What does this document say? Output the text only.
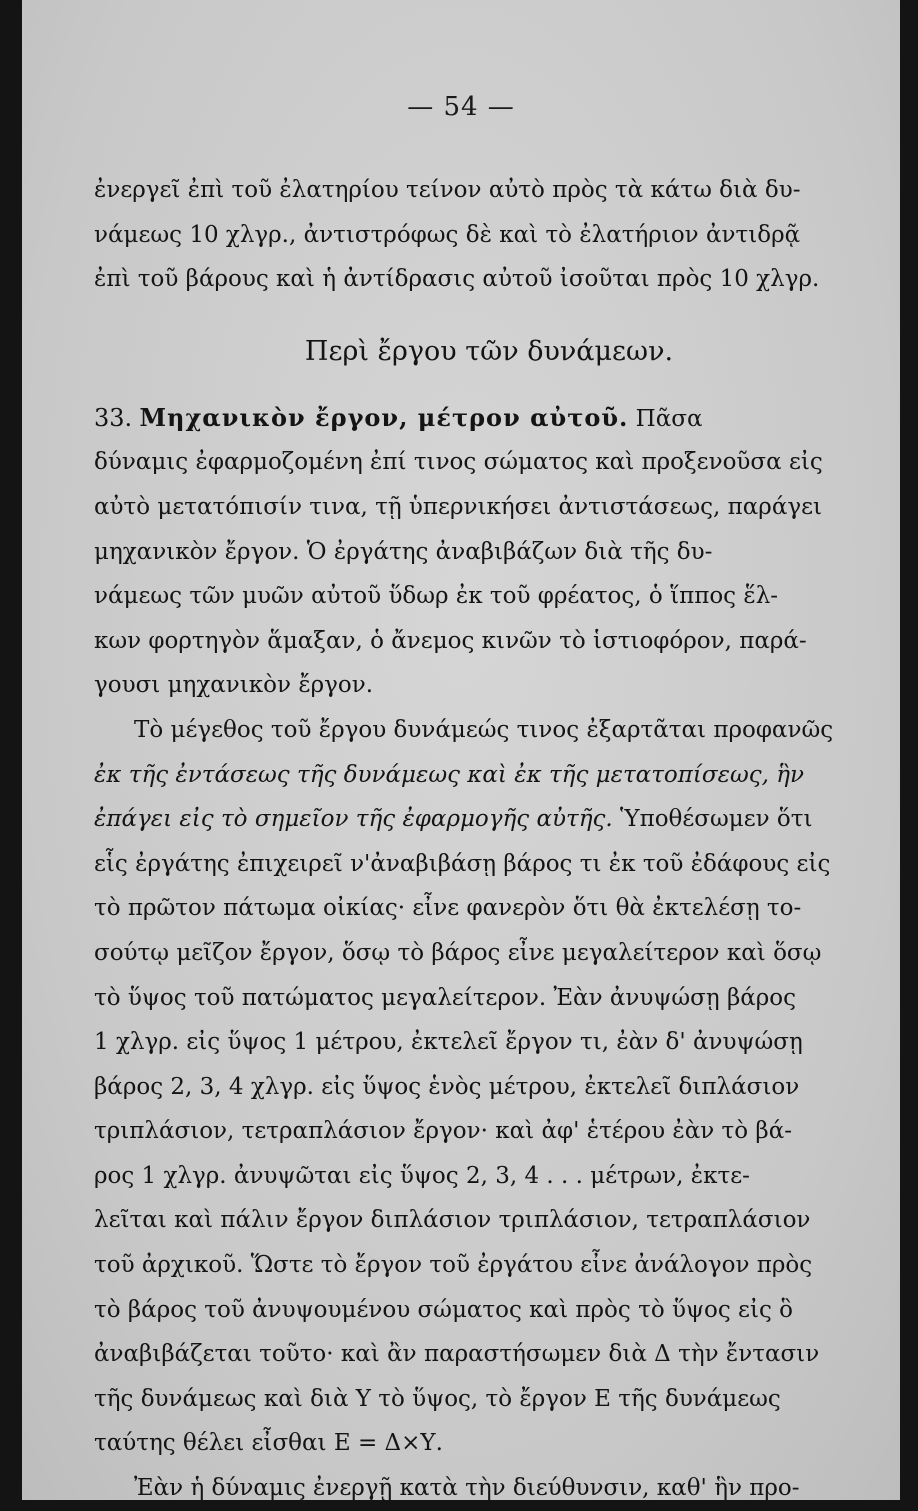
— 54 —
ἐνεργεῖ ἐπὶ τοῦ ἐλατηρίου τείνον αὐτὸ πρὸς τὰ κάτω διὰ δυ-
νάμεως 10 χλγρ., ἀντιστρόφως δὲ καὶ τὸ ἐλατήριον ἀντιδρᾷ
ἐπὶ τοῦ βάρους καὶ ἡ ἀντίδρασις αὐτοῦ ἰσοῦται πρὸς 10 χλγρ.
Περὶ ἔργου τῶν δυνάμεων.
33. Μηχανικὸν ἔργον, μέτρον αὐτοῦ. Πᾶσα
δύναμις ἐφαρμοζομένη ἐπί τινος σώματος καὶ προξενοῦσα εἰς
αὐτὸ μετατόπισίν τινα, τῇ ὑπερνικήσει ἀντιστάσεως, παράγει
μηχανικὸν ἔργον. Ὁ ἐργάτης ἀναβιβάζων διὰ τῆς δυ-
νάμεως τῶν μυῶν αὐτοῦ ὕδωρ ἐκ τοῦ φρέατος, ὁ ἵππος ἕλ-
κων φορτηγὸν ἅμαξαν, ὁ ἄνεμος κινῶν τὸ ἱστιοφόρον, παρά-
γουσι μηχανικὸν ἔργον.
Τὸ μέγεθος τοῦ ἔργου δυνάμεώς τινος ἐξαρτᾶται προφανῶς
ἐκ τῆς ἐντάσεως τῆς δυνάμεως καὶ ἐκ τῆς μετατοπίσεως, ἣν
ἐπάγει εἰς τὸ σημεῖον τῆς ἐφαρμογῆς αὐτῆς. Ὑποθέσωμεν ὅτι
εἷς ἐργάτης ἐπιχειρεῖ ν'ἀναβιβάσῃ βάρος τι ἐκ τοῦ ἐδάφους εἰς
τὸ πρῶτον πάτωμα οἰκίας· εἶνε φανερὸν ὅτι θὰ ἐκτελέσῃ το-
σούτῳ μεῖζον ἔργον, ὅσῳ τὸ βάρος εἶνε μεγαλείτερον καὶ ὅσῳ
τὸ ὕψος τοῦ πατώματος μεγαλείτερον. Ἐὰν ἀνυψώσῃ βάρος
1 χλγρ. εἰς ὕψος 1 μέτρου, ἐκτελεῖ ἔργον τι, ἐὰν δ' ἀνυψώσῃ
βάρος 2, 3, 4 χλγρ. εἰς ὕψος ἑνὸς μέτρου, ἐκτελεῖ διπλάσιον
τριπλάσιον, τετραπλάσιον ἔργον· καὶ ἀφ' ἑτέρου ἐὰν τὸ βά-
ρος 1 χλγρ. ἀνυψῶται εἰς ὕψος 2, 3, 4 . . . μέτρων, ἐκτε-
λεῖται καὶ πάλιν ἔργον διπλάσιον τριπλάσιον, τετραπλάσιον
τοῦ ἀρχικοῦ. Ὥστε τὸ ἔργον τοῦ ἐργάτου εἶνε ἀνάλογον πρὸς
τὸ βάρος τοῦ ἀνυψουμένου σώματος καὶ πρὸς τὸ ὕψος εἰς ὃ
ἀναβιβάζεται τοῦτο· καὶ ἂν παραστήσωμεν διὰ Δ τὴν ἔντασιν
τῆς δυνάμεως καὶ διὰ Υ τὸ ὕψος, τὸ ἔργον Ε τῆς δυνάμεως
ταύτης θέλει εἶσθαι Ε = Δ×Υ.
Ἐὰν ἡ δύναμις ἐνεργῇ κατὰ τὴν διεύθυνσιν, καθ' ἣν προ-
